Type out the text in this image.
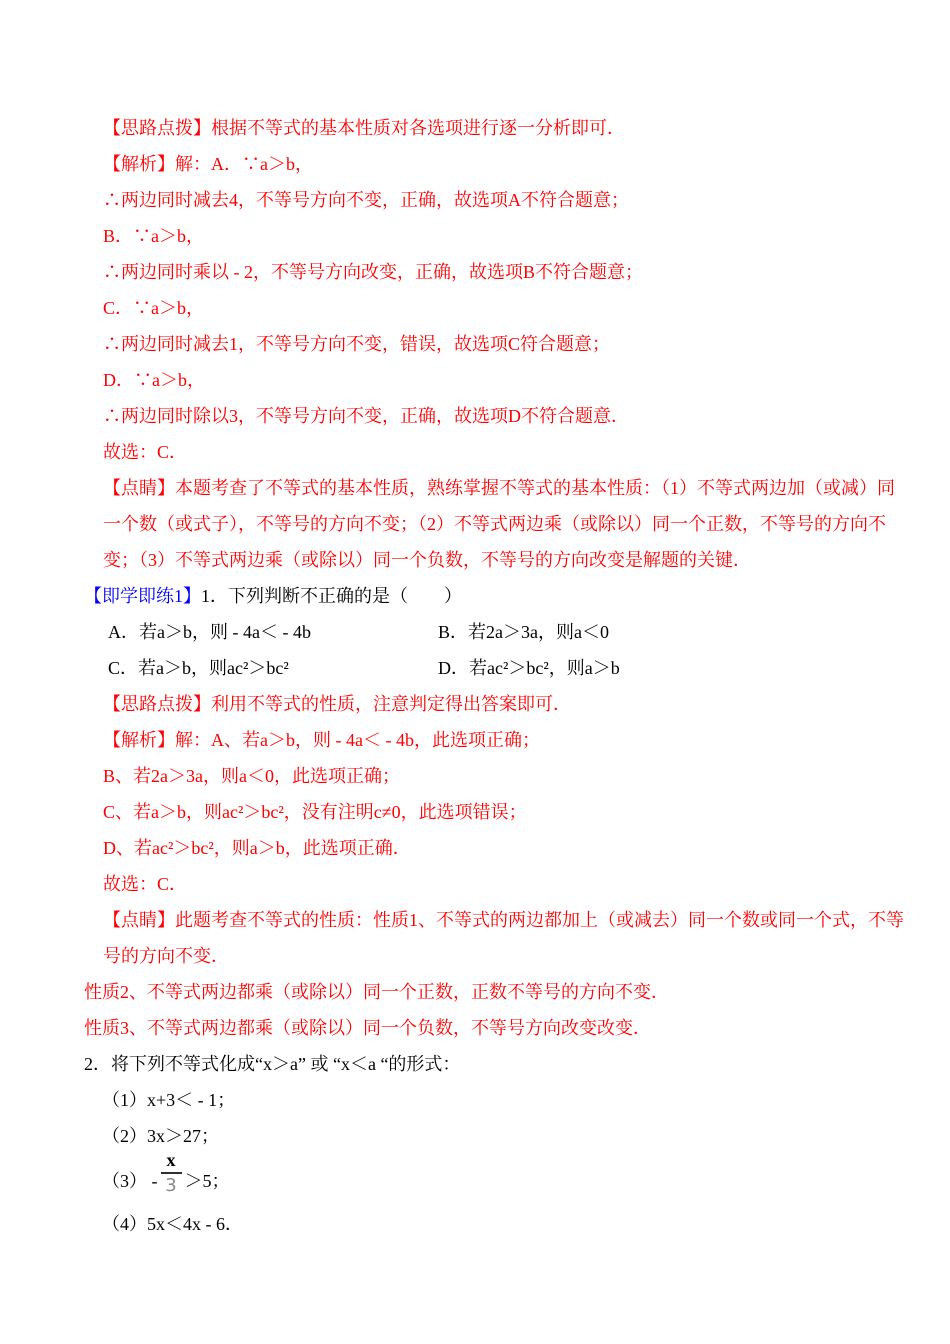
【思路点拨】根据不等式的基本性质对各选项进行逐一分析即可．
【解析】解：A．∵a＞b，
∴两边同时减去4，不等号方向不变，正确，故选项A不符合题意；
B．∵a＞b，
∴两边同时乘以 - 2，不等号方向改变，正确，故选项B不符合题意；
C．∵a＞b，
∴两边同时减去1，不等号方向不变，错误，故选项C符合题意；
D．∵a＞b，
∴两边同时除以3，不等号方向不变，正确，故选项D不符合题意．
故选：C．
【点睛】本题考查了不等式的基本性质，熟练掌握不等式的基本性质：（1）不等式两边加（或减）同
一个数（或式子），不等号的方向不变；（2）不等式两边乘（或除以）同一个正数，不等号的方向不
变；（3）不等式两边乘（或除以）同一个负数，不等号的方向改变是解题的关键．
【即学即练1】1．下列判断不正确的是（　　）
A．若a＞b，则 - 4a＜ - 4b	B．若2a＞3a，则a＜0
C．若a＞b，则ac²＞bc²	D．若ac²＞bc²，则a＞b
【思路点拨】利用不等式的性质，注意判定得出答案即可．
【解析】解：A、若a＞b，则 - 4a＜ - 4b，此选项正确；
B、若2a＞3a，则a＜0，此选项正确；
C、若a＞b，则ac²＞bc²，没有注明c≠0，此选项错误；
D、若ac²＞bc²，则a＞b，此选项正确．
故选：C．
【点睛】此题考查不等式的性质：性质1、不等式的两边都加上（或减去）同一个数或同一个式，不等
号的方向不变．
性质2、不等式两边都乘（或除以）同一个正数，正数不等号的方向不变．
性质3、不等式两边都乘（或除以）同一个负数，不等号方向改变改变．
2．将下列不等式化成“x＞a” 或 “x＜a “的形式：
（1）x+3＜ - 1；
（2）3x＞27；
$(3) - \frac{x}{3} >5$；
（4）5x＜4x - 6．
